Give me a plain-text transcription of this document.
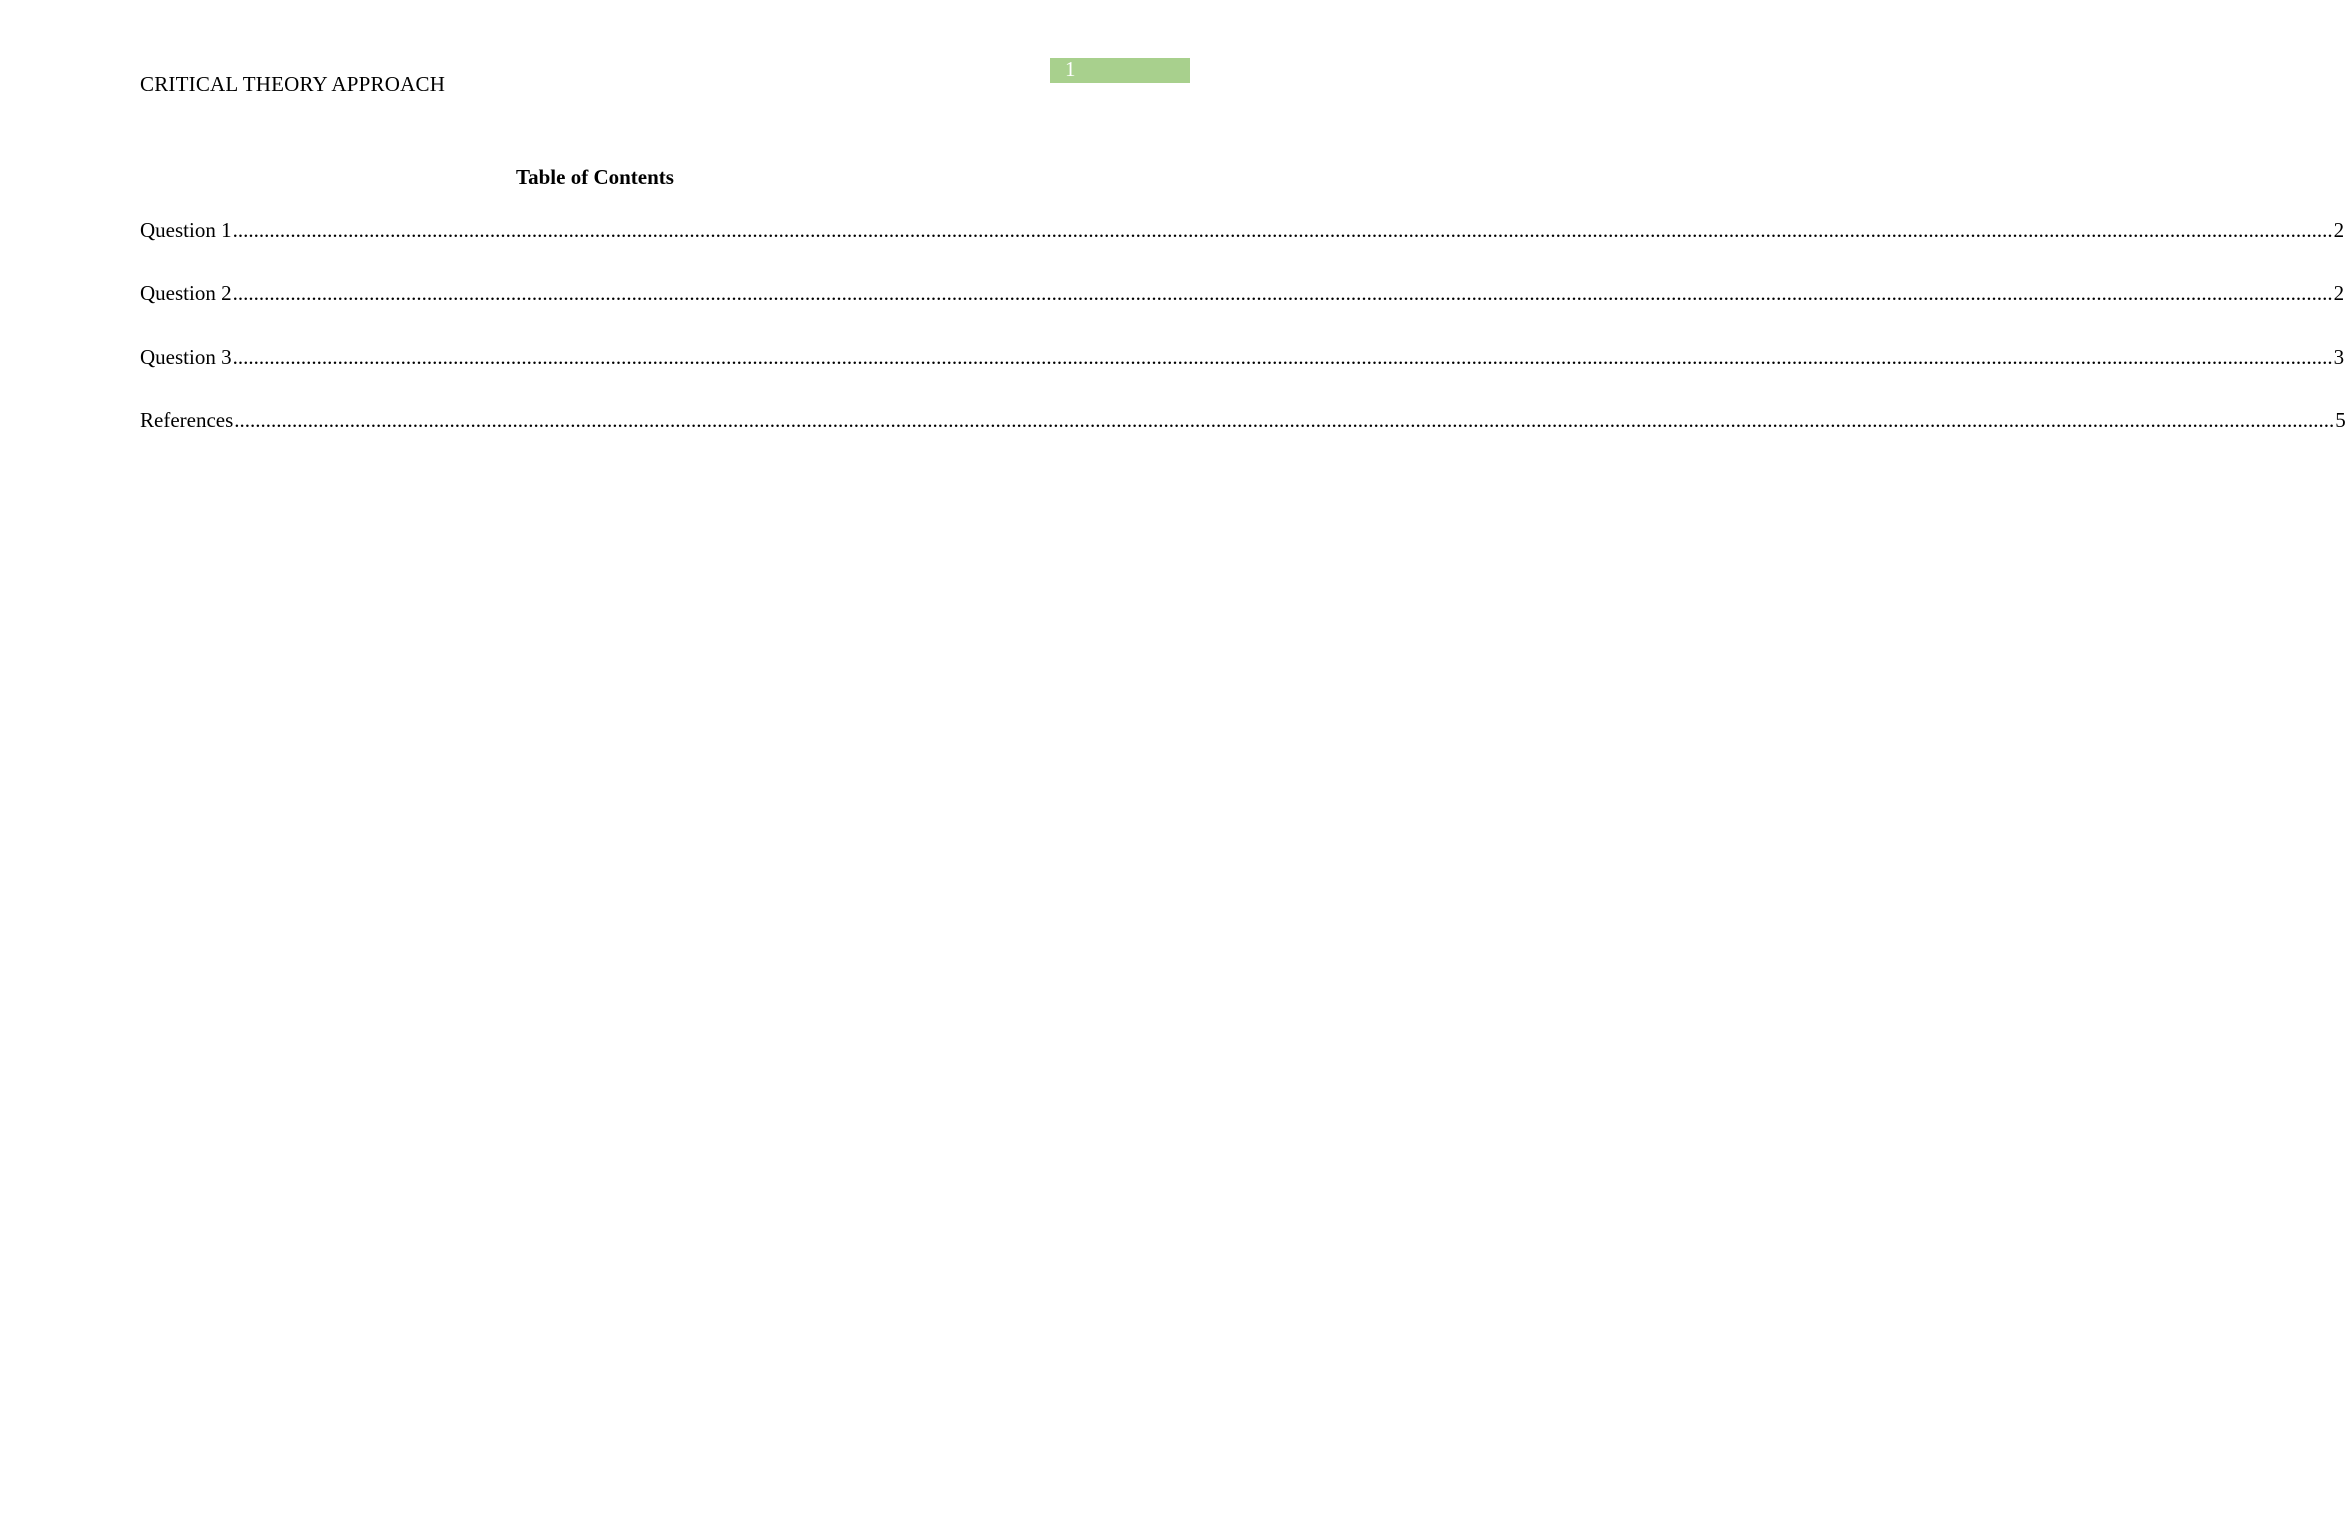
CRITICAL THEORY APPROACH
1
Table of Contents
Question 1 ................................................................................................................................................................................................................................................................................................................................................................................................................ 2
Question 2 ................................................................................................................................................................................................................................................................................................................................................................................................................ 2
Question 3 ................................................................................................................................................................................................................................................................................................................................................................................................................ 3
References ................................................................................................................................................................................................................................................................................................................................................................................................................ 5
